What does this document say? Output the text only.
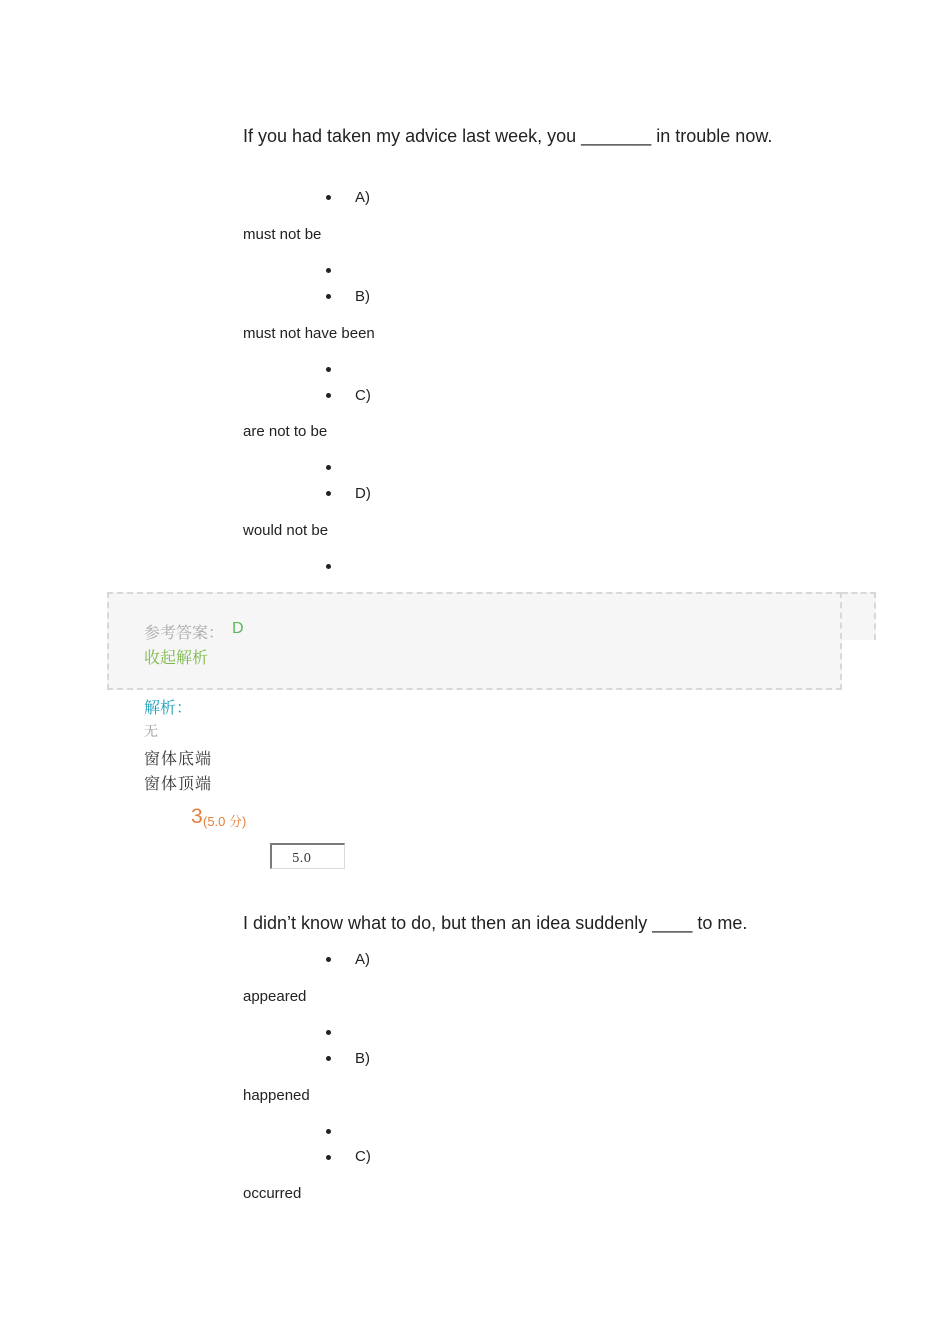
If you had taken my advice last week, you _______ in trouble now.
A)
must not be
B)
must not have been
C)
are not to be
D)
would not be
参考答案： D
收起解析
解析：
无
窗体底端
窗体顶端
3 (5.0 分)
5.0
I didn’t know what to do, but then an idea suddenly ____ to me.
A)
appeared
B)
happened
C)
occurred
